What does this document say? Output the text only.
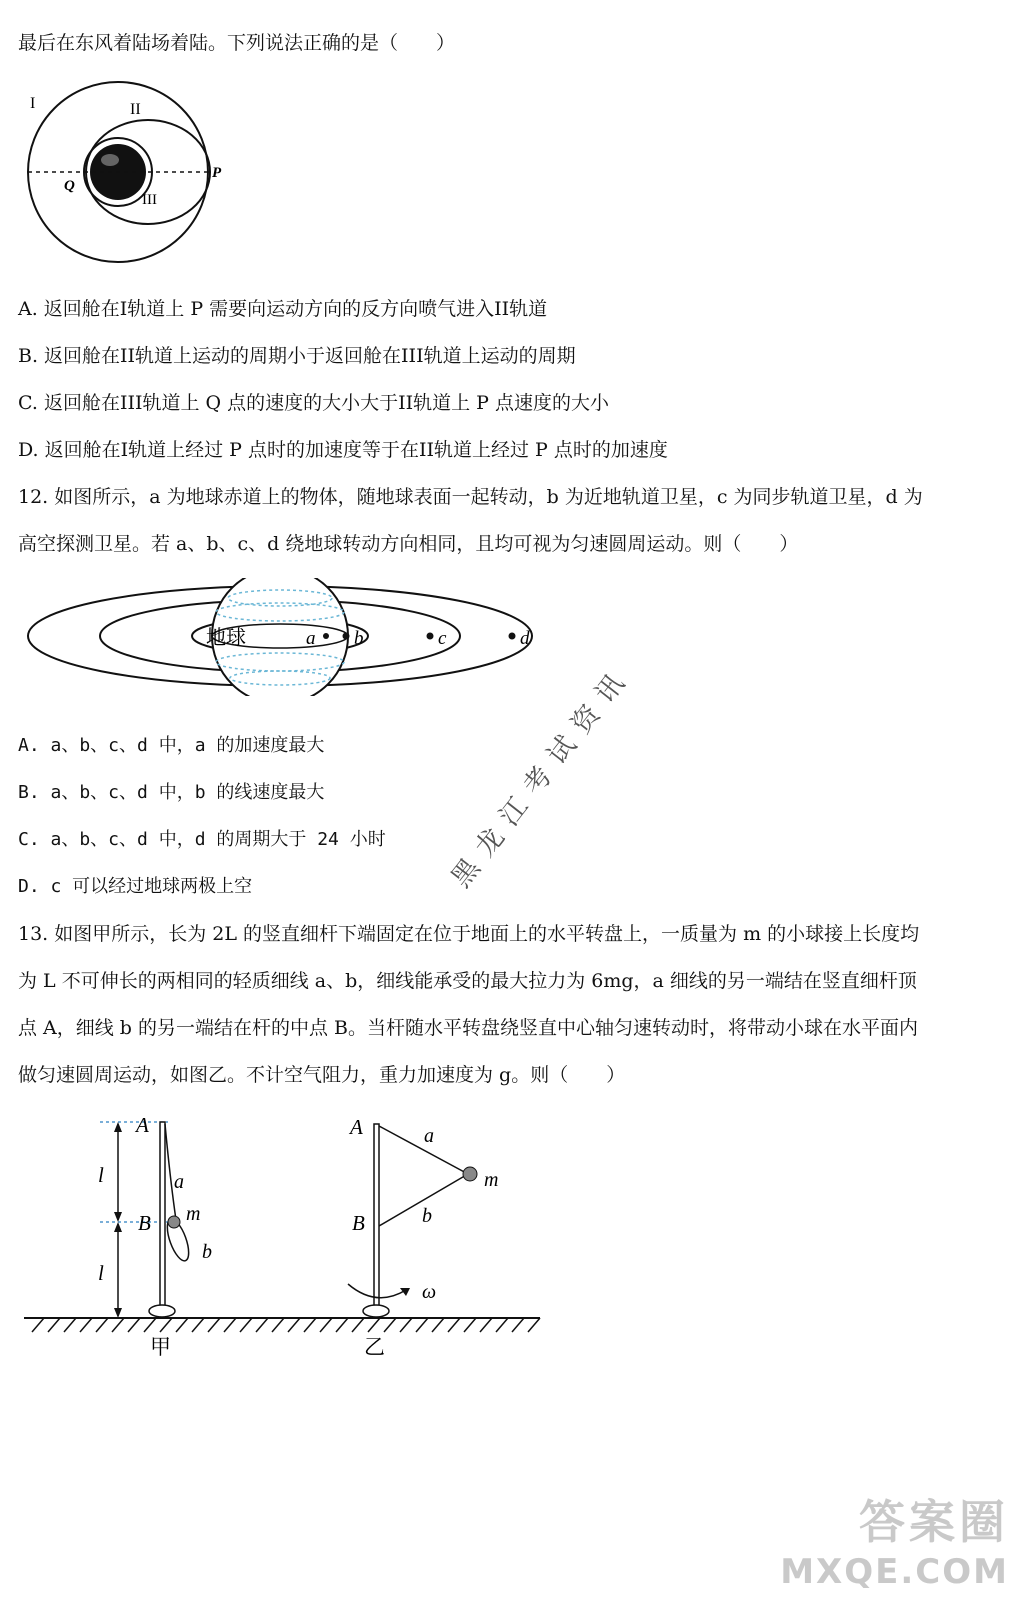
最后在东风着陆场着陆。下列说法正确的是（　　）
I	II
III
P
Q
A. 返回舱在I轨道上 P 需要向运动方向的反方向喷气进入II轨道
B. 返回舱在II轨道上运动的周期小于返回舱在III轨道上运动的周期
C. 返回舱在III轨道上 Q 点的速度的大小大于II轨道上 P 点速度的大小
D. 返回舱在I轨道上经过 P 点时的加速度等于在II轨道上经过 P 点时的加速度
12. 如图所示，a 为地球赤道上的物体，随地球表面一起转动，b 为近地轨道卫星，c 为同步轨道卫星，d 为
高空探测卫星。若 a、b、c、d 绕地球转动方向相同，且均可视为匀速圆周运动。则（　　）
地球	a b	c	d
A. a、b、c、d 中，a 的加速度最大
B. a、b、c、d 中，b 的线速度最大
C. a、b、c、d 中，d 的周期大于 24 小时
D. c 可以经过地球两极上空
13. 如图甲所示，长为 2L 的竖直细杆下端固定在位于地面上的水平转盘上，一质量为 m 的小球接上长度均
为 L 不可伸长的两相同的轻质细线 a、b，细线能承受的最大拉力为 6mg，a 细线的另一端结在竖直细杆顶
点 A，细线 b 的另一端结在杆的中点 B。当杆随水平转盘绕竖直中心轴匀速转动时，将带动小球在水平面内
做匀速圆周运动，如图乙。不计空气阻力，重力加速度为 g。则（　　）
l
l
A
B
a
m
b
甲
A
B
a
m
b
ω
乙
黑龙江考试资讯
答案圈
MXQE.COM
